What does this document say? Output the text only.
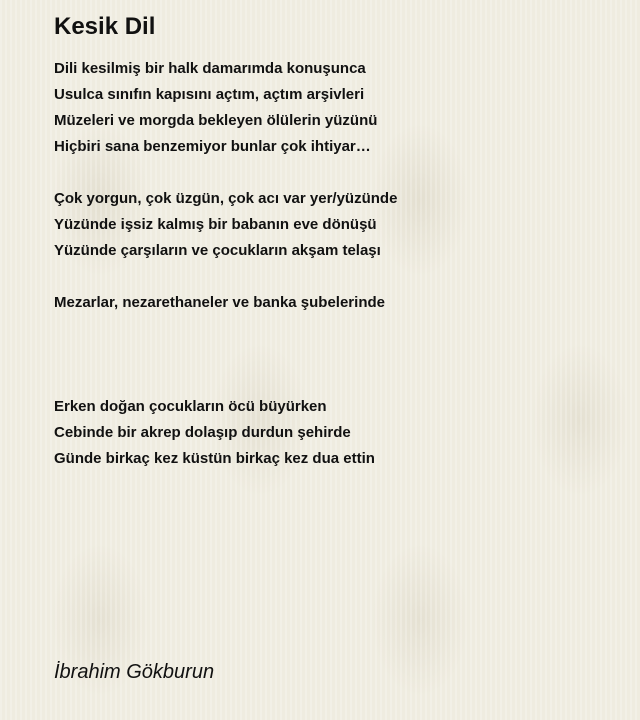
Kesik Dil
Dili kesilmiş bir halk damarımda konuşunca
Usulca sınıfın kapısını açtım, açtım arşivleri
Müzeleri ve morgda bekleyen ölülerin yüzünü
Hiçbiri sana benzemiyor bunlar çok ihtiyar…
Çok yorgun, çok üzgün, çok acı var yer/yüzünde
Yüzünde işsiz kalmış bir babanın eve dönüşü
Yüzünde çarşıların ve çocukların akşam telaşı
Mezarlar, nezarethaneler ve banka şubelerinde
Erken doğan çocukların öcü büyürken
Cebinde bir akrep dolaşıp durdun şehirde
Günde birkaç kez küstün birkaç kez dua ettin
İbrahim Gökburun
